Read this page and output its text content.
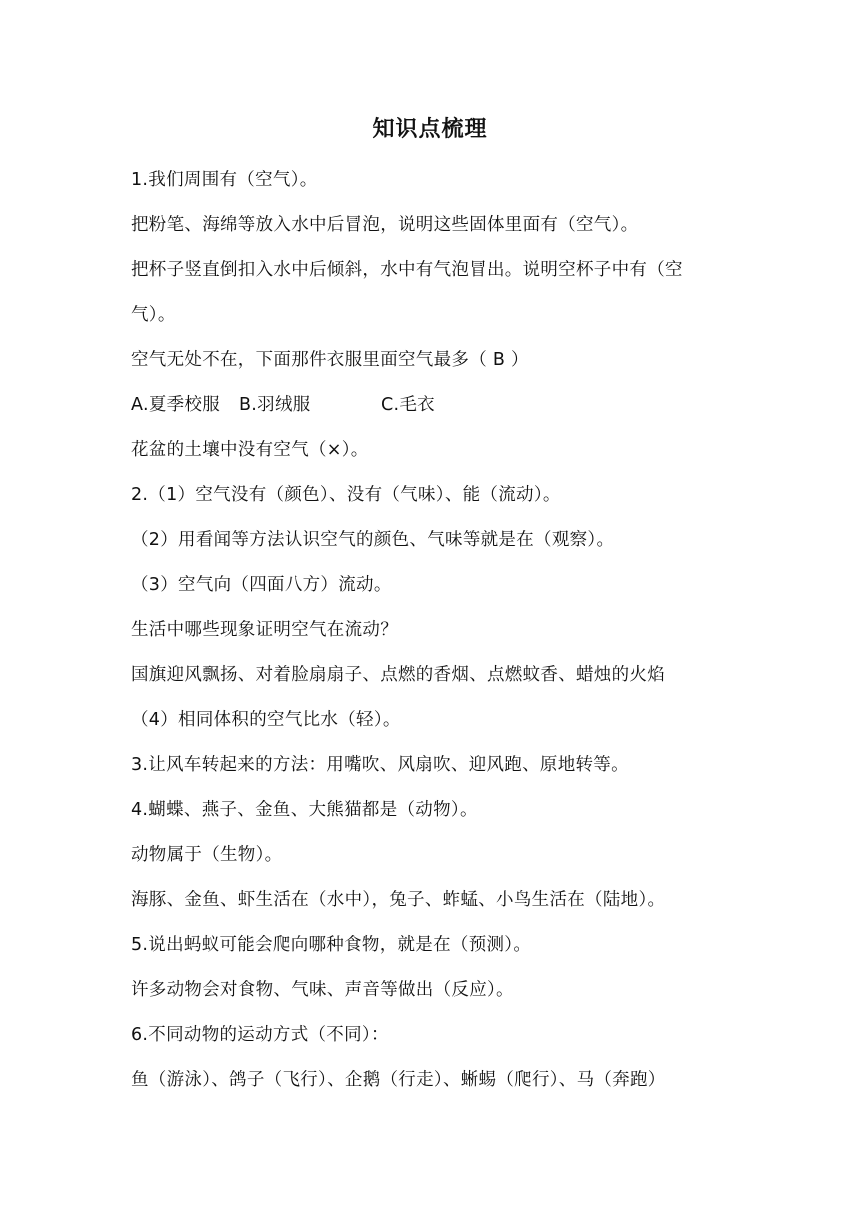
知识点梳理
1.我们周围有（空气）。
把粉笔、海绵等放入水中后冒泡，说明这些固体里面有（空气）。
把杯子竖直倒扣入水中后倾斜，水中有气泡冒出。说明空杯子中有（空
气）。
空气无处不在，下面那件衣服里面空气最多（ B ）
A.夏季校服 B.羽绒服	C.毛衣
花盆的土壤中没有空气（×）。
2.（1）空气没有（颜色）、没有（气味）、能（流动）。
（2）用看闻等方法认识空气的颜色、气味等就是在（观察）。
（3）空气向（四面八方）流动。
生活中哪些现象证明空气在流动？
国旗迎风飘扬、对着脸扇扇子、点燃的香烟、点燃蚊香、蜡烛的火焰
（4）相同体积的空气比水（轻）。
3.让风车转起来的方法：用嘴吹、风扇吹、迎风跑、原地转等。
4.蝴蝶、燕子、金鱼、大熊猫都是（动物）。
动物属于（生物）。
海豚、金鱼、虾生活在（水中），兔子、蚱蜢、小鸟生活在（陆地）。
5.说出蚂蚁可能会爬向哪种食物，就是在（预测）。
许多动物会对食物、气味、声音等做出（反应）。
6.不同动物的运动方式（不同）：
鱼（游泳）、鸽子（飞行）、企鹅（行走）、蜥蜴（爬行）、马（奔跑）
